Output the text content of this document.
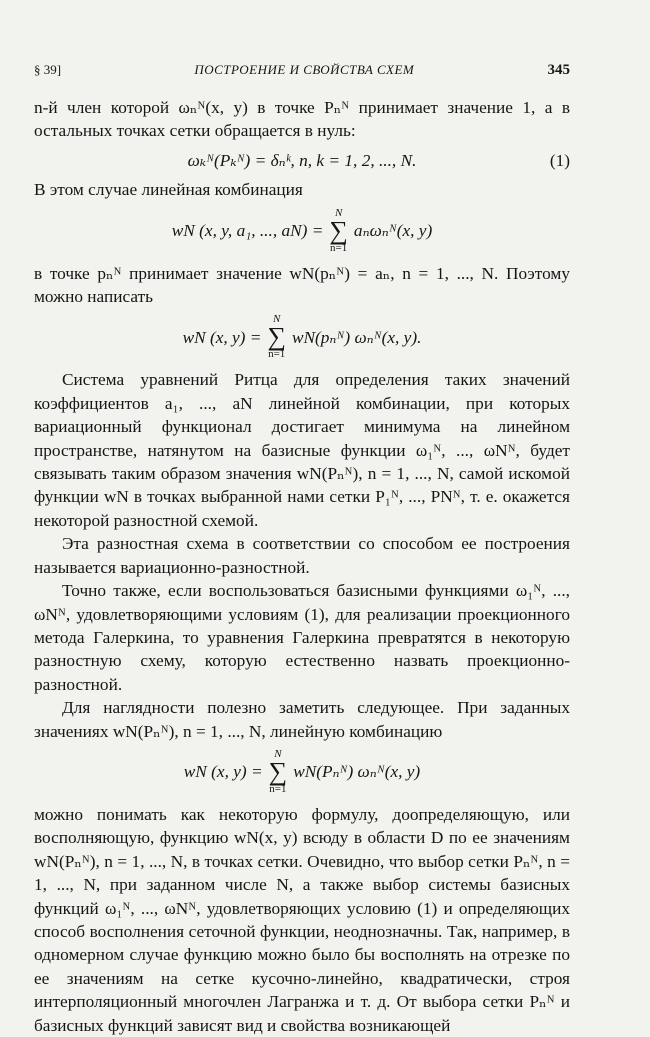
§ 39]	ПОСТРОЕНИЕ И СВОЙСТВА СХЕМ	345

n-й член которой ωₙᴺ(x, y) в точке Pₙᴺ принимает значение 1, а в остальных точках сетки обращается в нуль:

ωₖᴺ(Pₖᴺ) = δₙᵏ, n, k = 1, 2, ..., N.	(1)

В этом случае линейная комбинация

wN (x, y, a₁, ..., aN) =
N
∑
n=1
aₙωₙᴺ(x, y)

в точке pₙᴺ принимает значение wN(pₙᴺ) = aₙ, n = 1, ..., N. Поэтому можно написать

wN (x, y) =
N
∑
n=1
wN(pₙᴺ) ωₙᴺ(x, y).

Система уравнений Ритца для определения таких значений коэффициентов a₁, ..., aN линейной комбинации, при которых вариационный функционал достигает минимума на линейном пространстве, натянутом на базисные функции ω₁ᴺ, ..., ωNᴺ, будет связывать таким образом значения wN(Pₙᴺ), n = 1, ..., N, самой искомой функции wN в точках выбранной нами сетки P₁ᴺ, ..., PNᴺ, т. е. окажется некоторой разностной схемой.

Эта разностная схема в соответствии со способом ее построения называется вариационно-разностной.

Точно также, если воспользоваться базисными функциями ω₁ᴺ, ..., ωNᴺ, удовлетворяющими условиям (1), для реализации проекционного метода Галеркина, то уравнения Галеркина превратятся в некоторую разностную схему, которую естественно назвать проекционно-разностной.

Для наглядности полезно заметить следующее. При заданных значениях wN(Pₙᴺ), n = 1, ..., N, линейную комбинацию

wN (x, y) =
N
∑
n=1
wN(Pₙᴺ) ωₙᴺ(x, y)

можно понимать как некоторую формулу, доопределяющую, или восполняющую, функцию wN(x, y) всюду в области D по ее значениям wN(Pₙᴺ), n = 1, ..., N, в точках сетки. Очевидно, что выбор сетки Pₙᴺ, n = 1, ..., N, при заданном числе N, а также выбор системы базисных функций ω₁ᴺ, ..., ωNᴺ, удовлетворяющих условию (1) и определяющих способ восполнения сеточной функции, неоднозначны. Так, например, в одномерном случае функцию можно было бы восполнять на отрезке по ее значениям на сетке кусочно-линейно, квадратически, строя интерполяционный многочлен Лагранжа и т. д. От выбора сетки Pₙᴺ и базисных функций зависят вид и свойства возникающей
